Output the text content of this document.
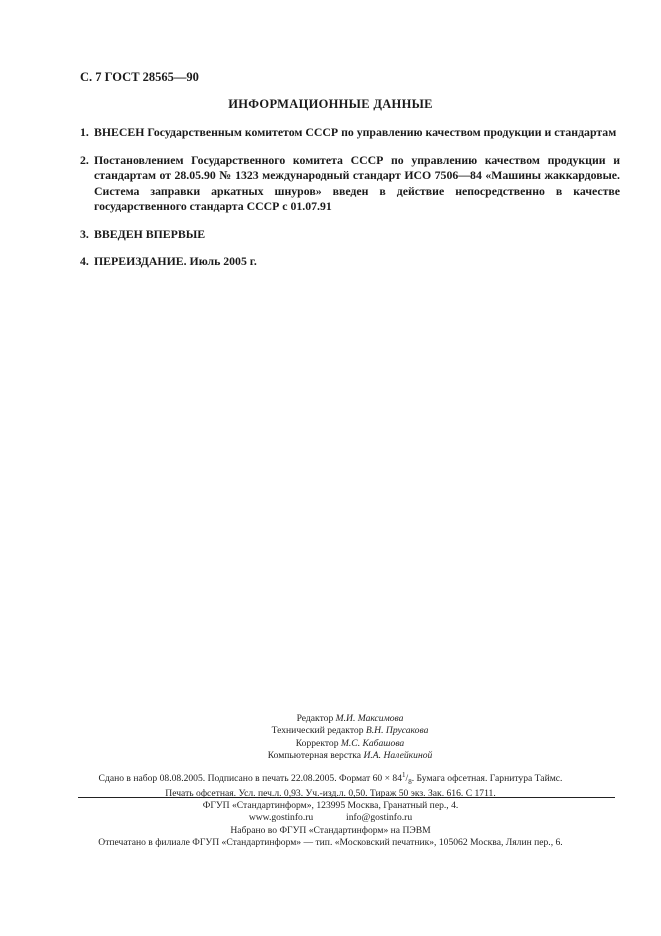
С. 7 ГОСТ 28565—90
ИНФОРМАЦИОННЫЕ ДАННЫЕ
1. ВНЕСЕН Государственным комитетом СССР по управлению качеством продукции и стандартам
2. Постановлением Государственного комитета СССР по управлению качеством продукции и стандартам от 28.05.90 № 1323 международный стандарт ИСО 7506—84 «Машины жаккардовые. Система заправки аркатных шнуров» введен в действие непосредственно в качестве государственного стандарта СССР с 01.07.91
3. ВВЕДЕН ВПЕРВЫЕ
4. ПЕРЕИЗДАНИЕ. Июль 2005 г.
Редактор М.И. Максимова
Технический редактор В.Н. Прусакова
Корректор М.С. Кабашова
Компьютерная верстка И.А. Налейкиной
Сдано в набор 08.08.2005. Подписано в печать 22.08.2005. Формат $60 \times 84^1/_8$. Бумага офсетная. Гарнитура Таймс.
Печать офсетная. Усл. печ.л. 0,93. Уч.-изд.л. 0,50. Тираж 50 экз. Зак. 616. С 1711.
ФГУП «Стандартинформ», 123995 Москва, Гранатный пер., 4.
www.gostinfo.ru	info@gostinfo.ru
Набрано во ФГУП «Стандартинформ» на ПЭВМ
Отпечатано в филиале ФГУП «Стандартинформ» — тип. «Московский печатник», 105062 Москва, Лялин пер., 6.
